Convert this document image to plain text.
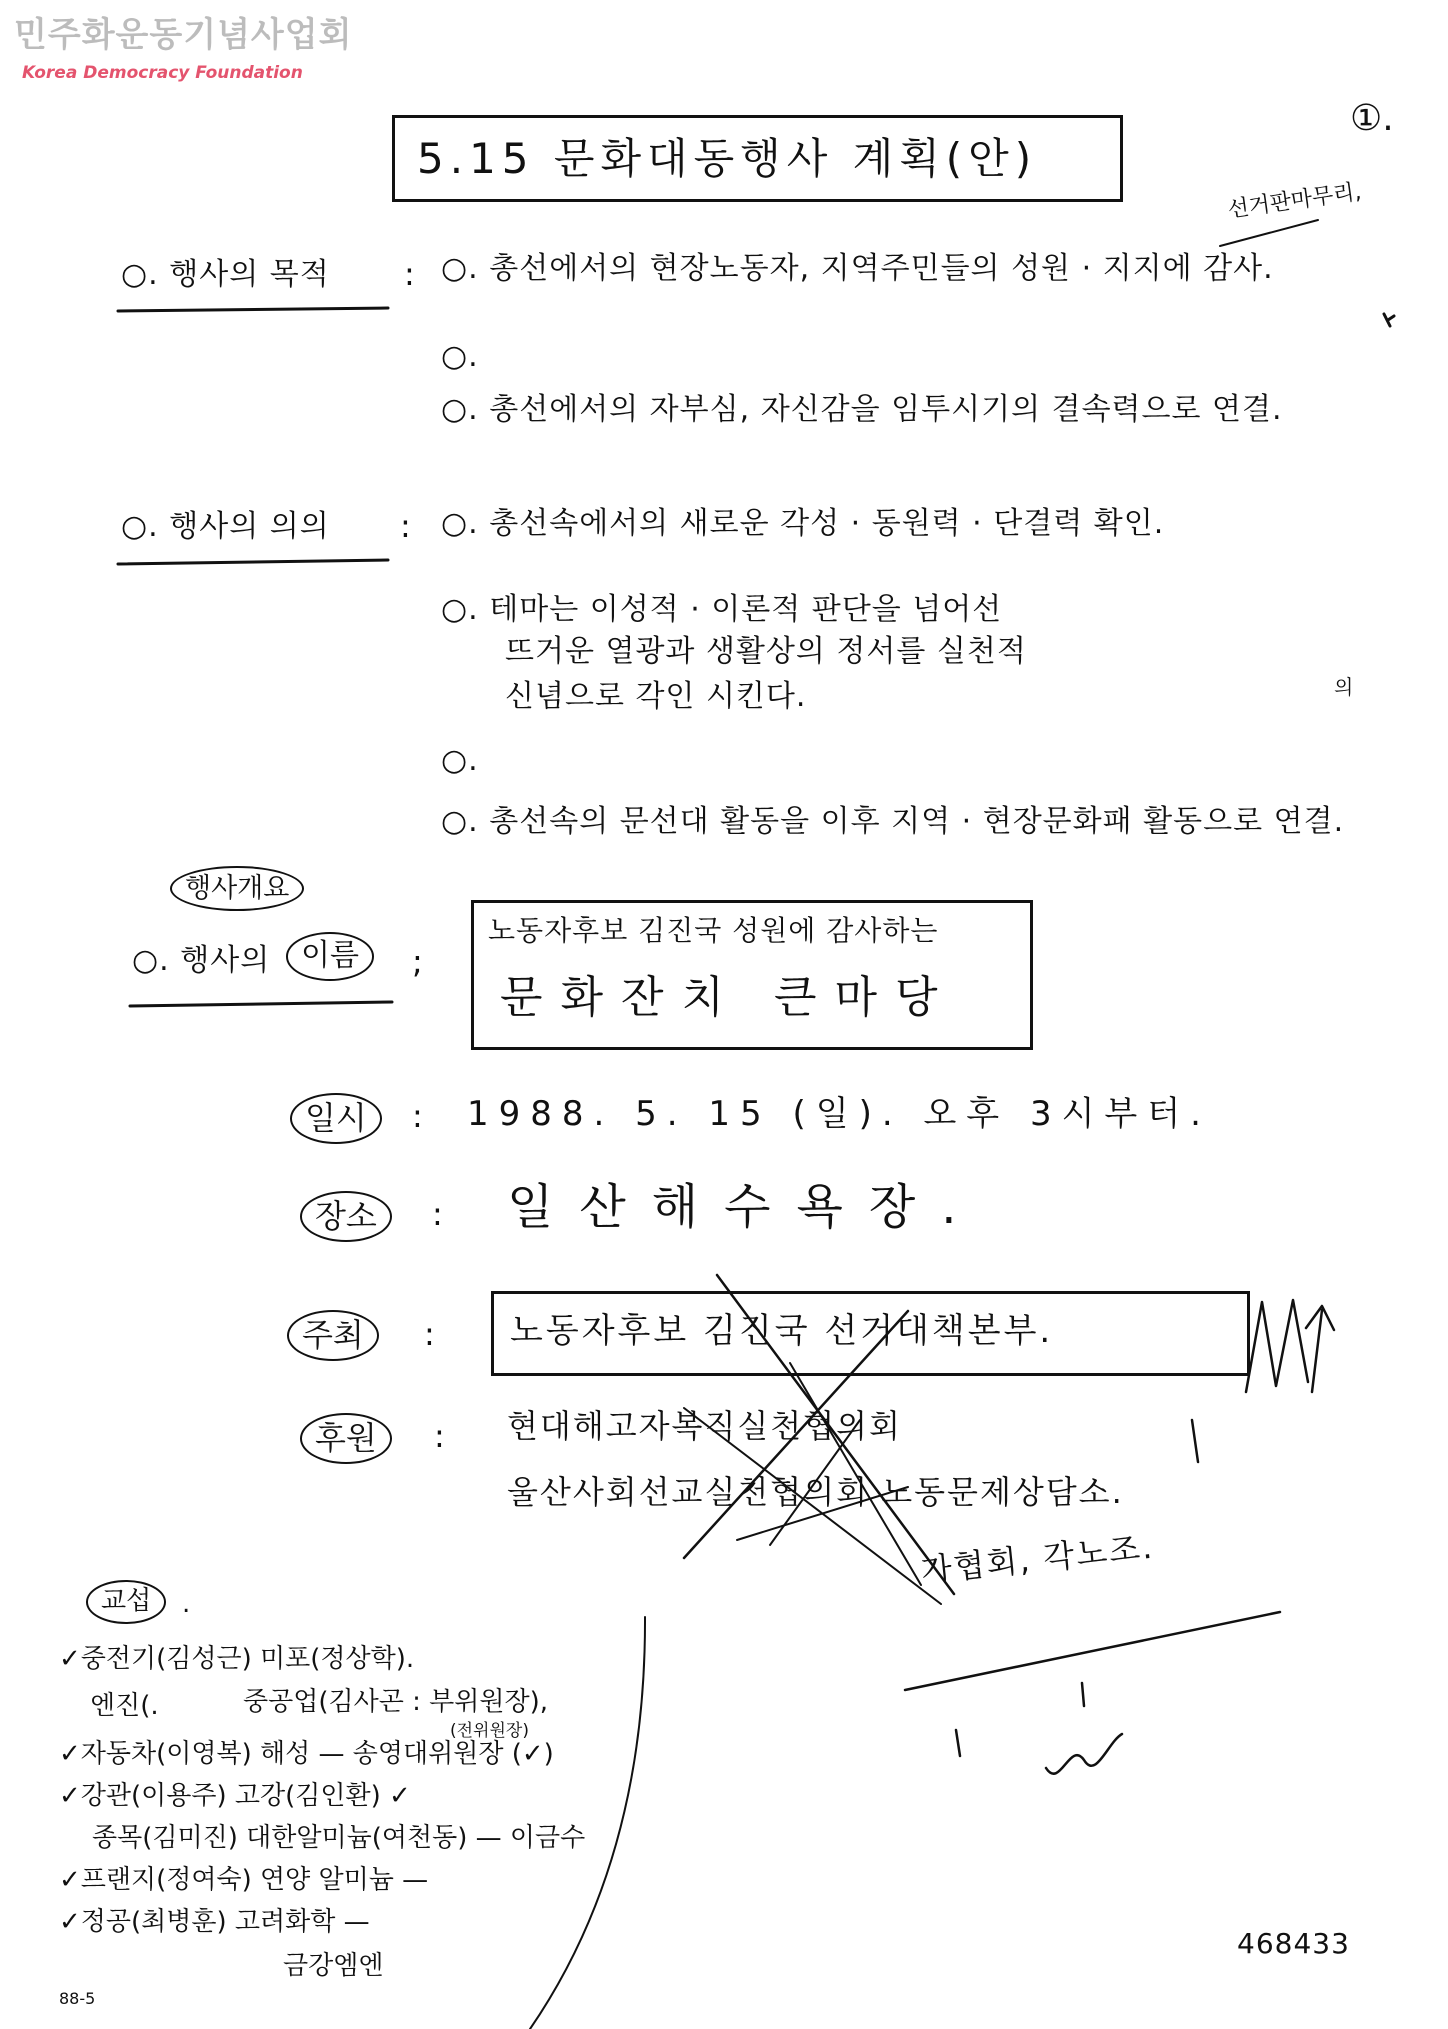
민주화운동기념사업회
Korea Democracy Foundation
①.
5.15 문화대동행사 계획(안)
선거판마무리,
○. 행사의 목적 : ○. 총선에서의 현장노동자, 지역주민들의 성원 · 지지에 감사.
○.
○. 총선에서의 자부심, 자신감을 임투시기의 결속력으로 연결.
○. 행사의 의의 : ○. 총선속에서의 새로운 각성 · 동원력 · 단결력 확인.
○. 테마는 이성적 · 이론적 판단을 넘어선
뜨거운 열광과 생활상의 정서를 실천적
신념으로 각인 시킨다.	의
○.
○. 총선속의 문선대 활동을 이후 지역 · 현장문화패 활동으로 연결.
행사개요
○. 행사의	이름	;
노동자후보 김진국 성원에 감사하는
문화잔치 큰마당
일시	: 1988. 5. 15 (일). 오후 3시부터.
장소	: 일산해수욕장.
주최	: 노동자후보 김진국 선거대책본부.
후원	: 현대해고자복직실천협의회
울산사회선교실천협의회 노동문제상담소.
가협회, 각노조.
교섭	.
✓중전기(김성근) 미포(정상학).
엔진(.	중공업(김사곤 : 부위원장),
(전위원장)
✓자동차(이영복) 해성 — 송영대위원장 (✓)
✓강관(이용주) 고강(김인환) ✓
종목(김미진) 대한알미늄(여천동) — 이금수
✓프랜지(정여숙) 연양 알미늄 —
✓정공(최병훈) 고려화학 —
금강엠엔
88-5
468433
